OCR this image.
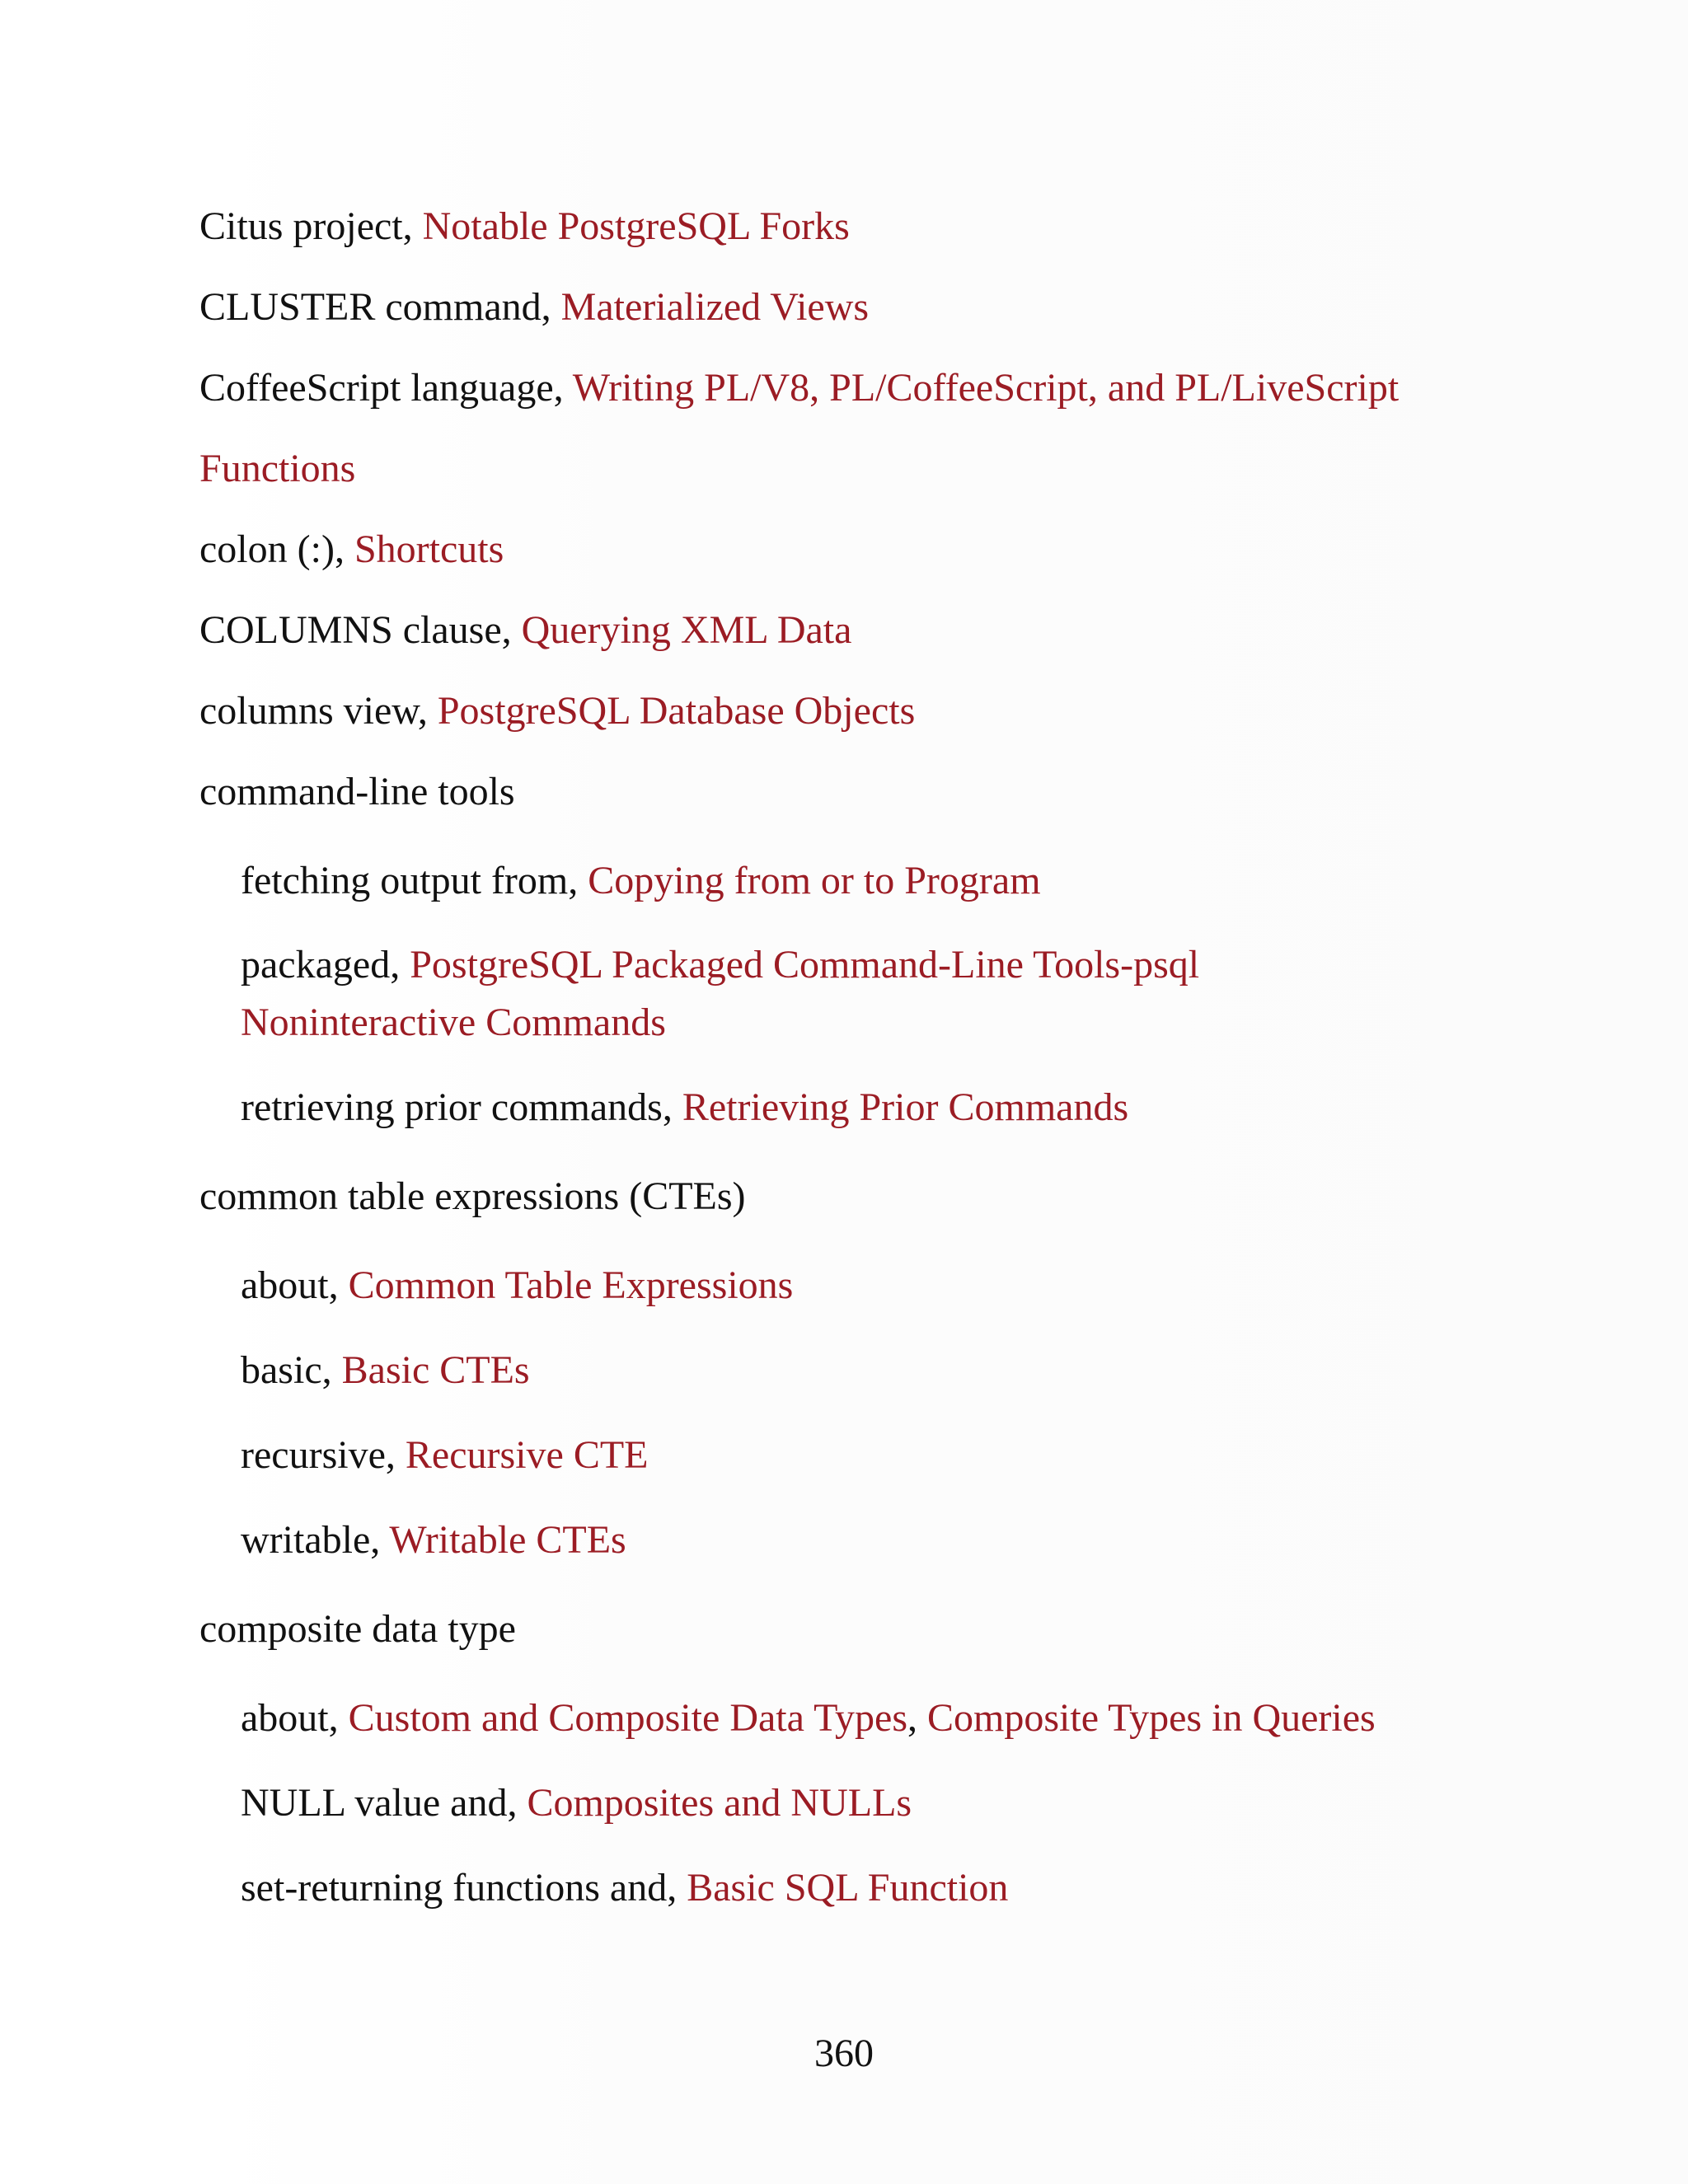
Citus project, Notable PostgreSQL Forks
CLUSTER command, Materialized Views
CoffeeScript language, Writing PL/V8, PL/CoffeeScript, and PL/LiveScript
Functions
colon (:), Shortcuts
COLUMNS clause, Querying XML Data
columns view, PostgreSQL Database Objects
command-line tools
fetching output from, Copying from or to Program
packaged, PostgreSQL Packaged Command-Line Tools-psql
Noninteractive Commands
retrieving prior commands, Retrieving Prior Commands
common table expressions (CTEs)
about, Common Table Expressions
basic, Basic CTEs
recursive, Recursive CTE
writable, Writable CTEs
composite data type
about, Custom and Composite Data Types, Composite Types in Queries
NULL value and, Composites and NULLs
set-returning functions and, Basic SQL Function
360
